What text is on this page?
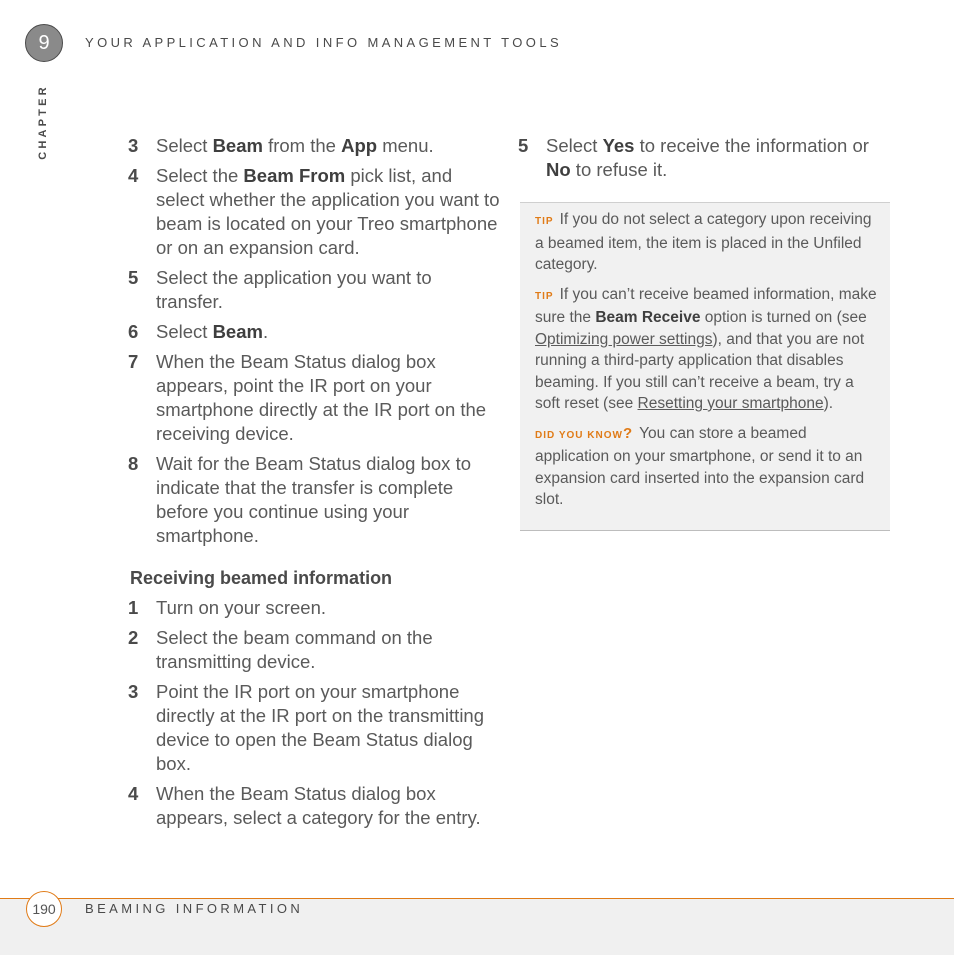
9	YOUR APPLICATION AND INFO MANAGEMENT TOOLS
CHAPTER	3 Select Beam from the App menu.
4 Select the Beam From pick list, and select whether the application you want to beam is located on your Treo smartphone or on an expansion card.
5 Select the application you want to transfer.
6 Select Beam.
7 When the Beam Status dialog box appears, point the IR port on your smartphone directly at the IR port on the receiving device.
8 Wait for the Beam Status dialog box to indicate that the transfer is complete before you continue using your smartphone.
Receiving beamed information
1 Turn on your screen.
2 Select the beam command on the transmitting device.
3 Point the IR port on your smartphone directly at the IR port on the transmitting device to open the Beam Status dialog box.
4 When the Beam Status dialog box appears, select a category for the entry.
5 Select Yes to receive the information or No to refuse it.

TIP If you do not select a category upon receiving a beamed item, the item is placed in the Unfiled category.

TIP If you can’t receive beamed information, make sure the Beam Receive option is turned on (see Optimizing power settings), and that you are not running a third-party application that disables beaming. If you still can’t receive a beam, try a soft reset (see Resetting your smartphone).

DID YOU KNOW? You can store a beamed application on your smartphone, or send it to an expansion card inserted into the expansion card slot.

190	BEAMING INFORMATION
